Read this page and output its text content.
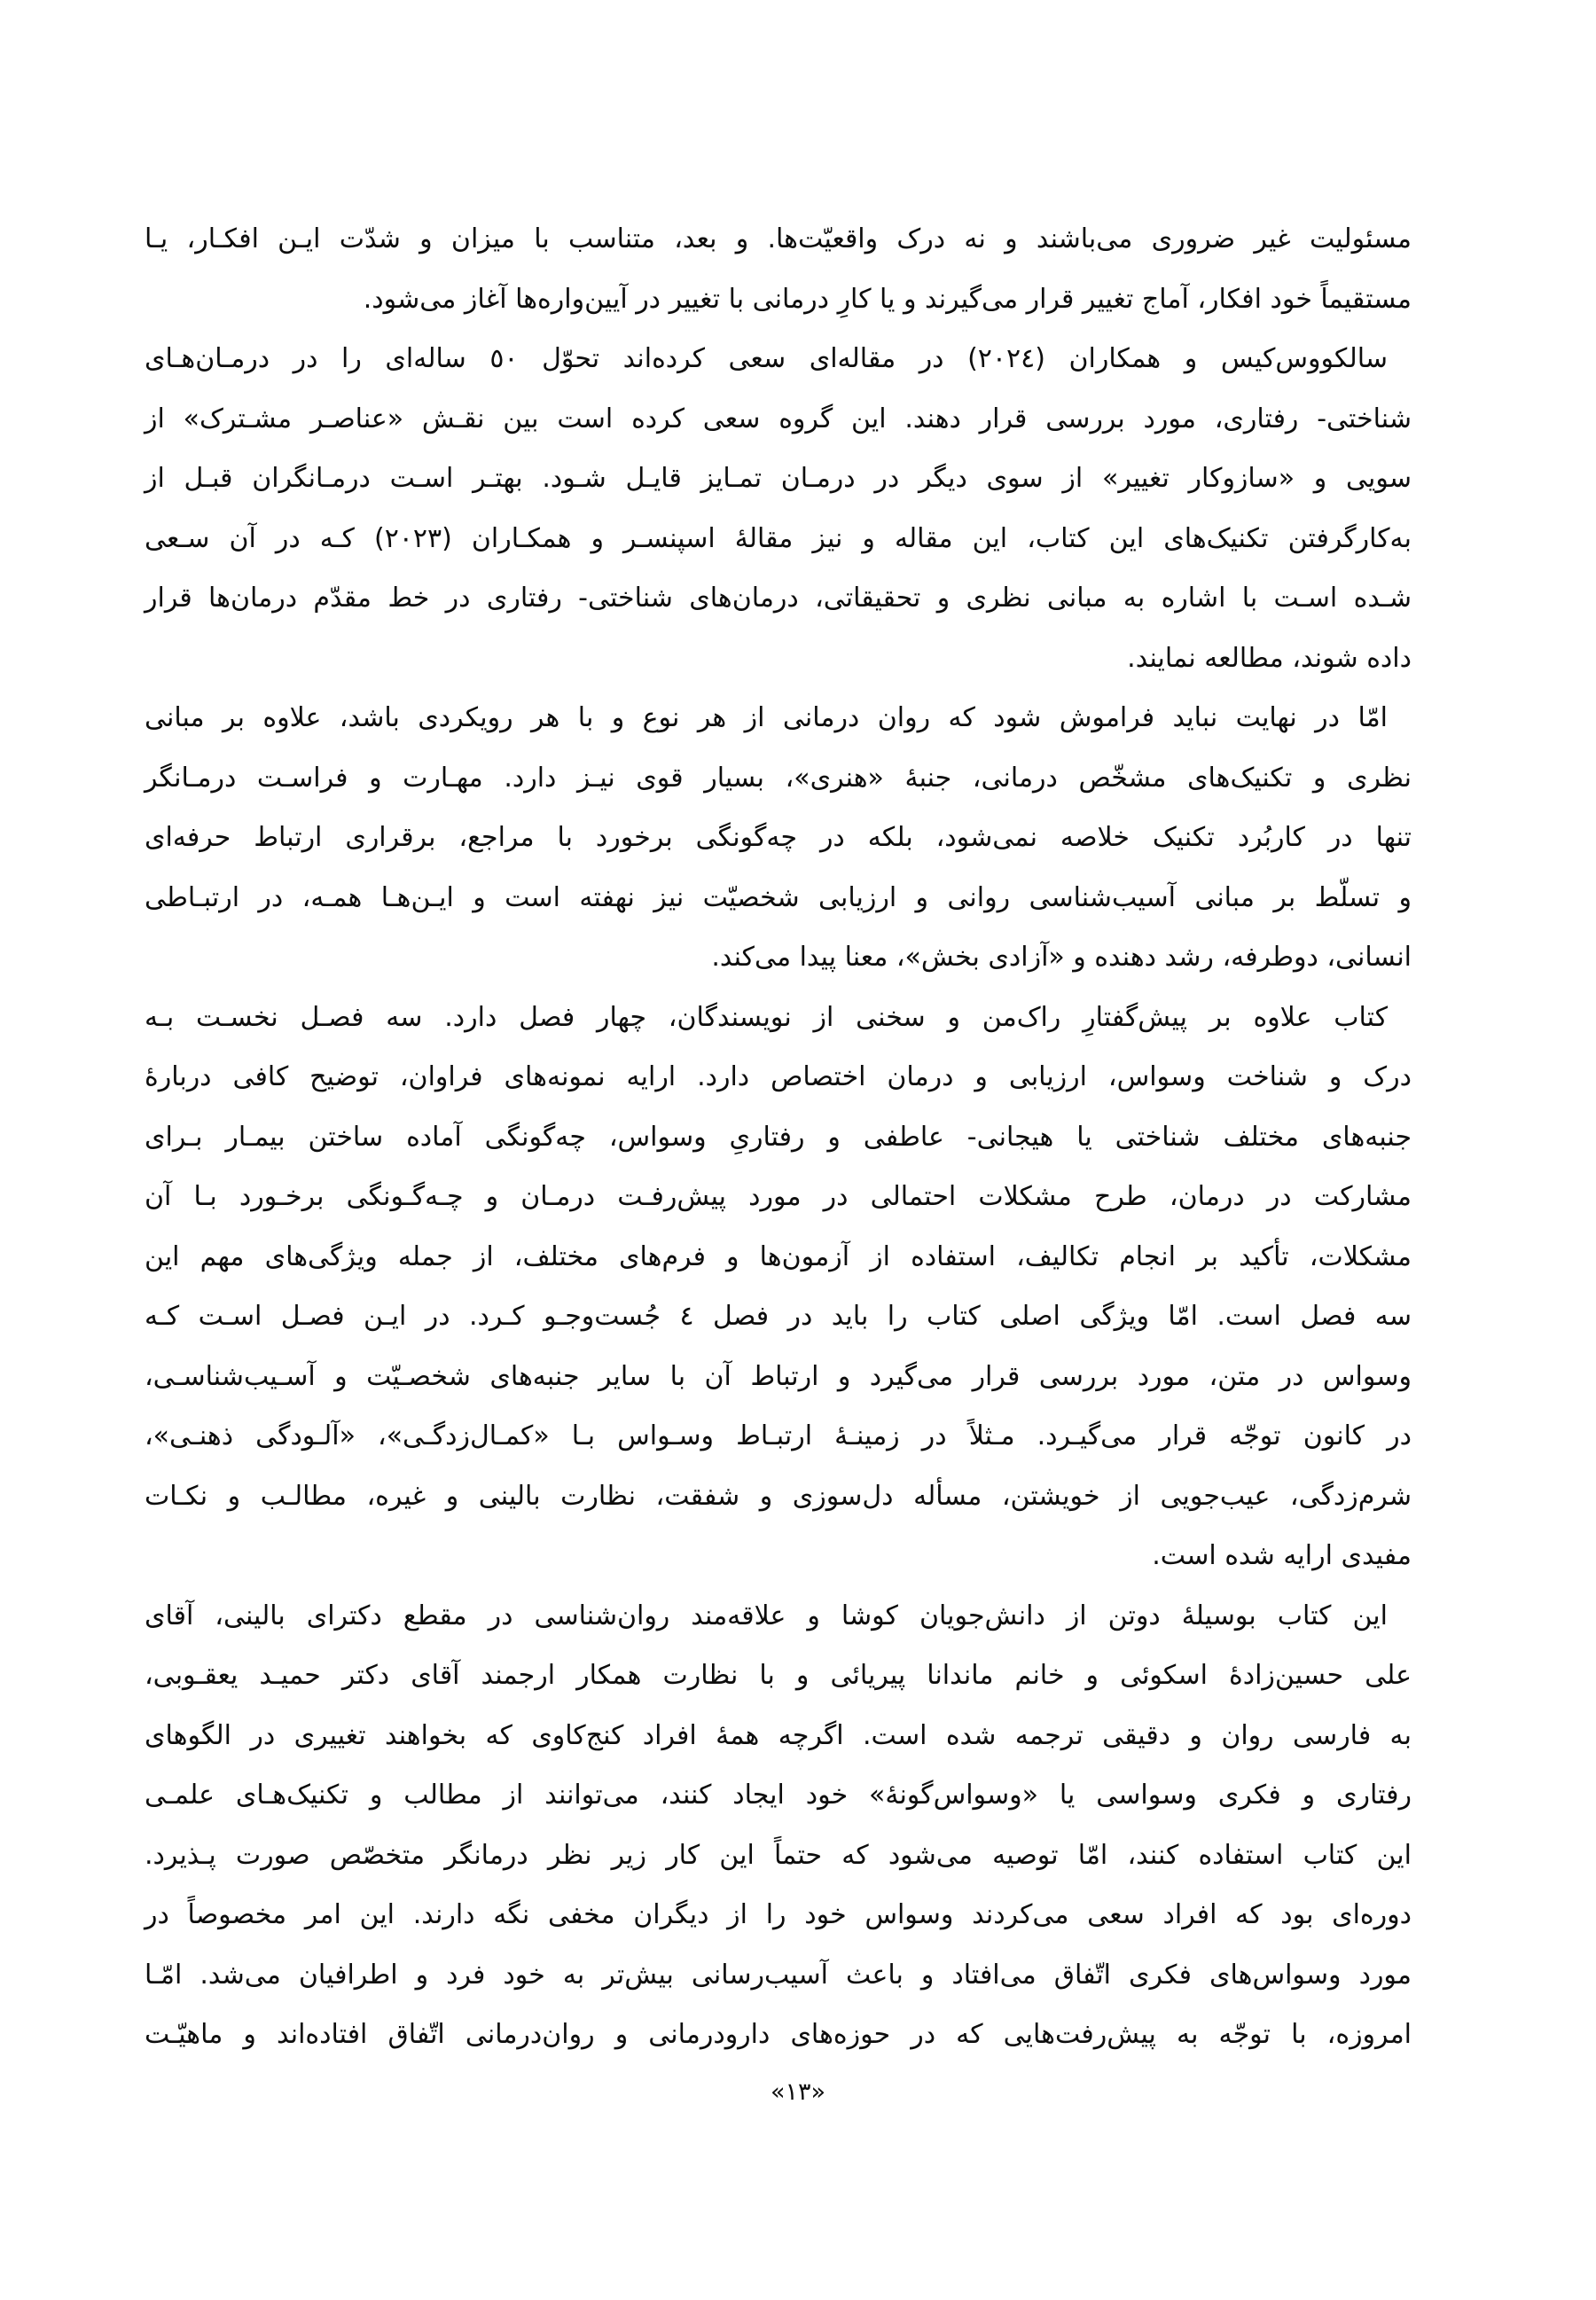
مسئولیت غیر ضروری می‌باشند و نه درک واقعیّت‌ها. و بعد، متناسب با میزان و شدّت ایـن افکـار، یـا
مستقیماً خود افکار، آماج تغییر قرار می‌گیرند و یا کارِ درمانی با تغییر در آیین‌واره‌ها آغاز می‌شود.
سالکووس‌کیس و همکاران (٢٠٢٤) در مقاله‌ای سعی کرده‌اند تحوّل ٥٠ ساله‌ای را در درمـان‌هـای
شناختی- رفتاری، مورد بررسی قرار دهند. این گروه سعی کرده است بین نقـش «عناصـر مشـترک» از
سویی و «سازوکار تغییر» از سوی دیگر در درمـان تمـایز قایـل شـود. بهتـر اسـت درمـانگران قبـل از
به‌کارگرفتن تکنیک‌های این کتاب، این مقاله و نیز مقالهٔ اسپنسـر و همکـاران (٢٠٢٣) کـه در آن سـعی
شـده اسـت با اشاره به مبانی نظری و تحقیقاتی، درمان‌های شناختی- رفتاری در خط مقدّم درمان‌ها قرار
داده شوند، مطالعه نمایند.
امّا در نهایت نباید فراموش شود که روان درمانی از هر نوع و با هر رویکردی باشد، علاوه بر مبانی
نظری و تکنیک‌های مشخّص درمانی، جنبهٔ «هنری»، بسیار قوی نیـز دارد. مهـارت و فراسـت درمـانگر
تنها در کاربُرد تکنیک خلاصه نمی‌شود، بلکه در چه‌گونگی برخورد با مراجع، برقراری ارتباط حرفه‌ای
و تسلّط بر مبانی آسیب‌شناسی روانی و ارزیابی شخصیّت نیز نهفته است و ایـن‌هـا همـه، در ارتبـاطی
انسانی، دوطرفه، رشد دهنده و «آزادی بخش»، معنا پیدا می‌کند.
کتاب علاوه بر پیش‌گفتارِ راک‌من و سخنی از نویسندگان، چهار فصل دارد. سه فصـل نخسـت بـه
درک و شناخت وسواس، ارزیابی و درمان اختصاص دارد. ارایه نمونه‌های فراوان، توضیح کافی دربارهٔ
جنبه‌های مختلف شناختی یا هیجانی- عاطفی و رفتاریِ وسواس، چه‌گونگی آماده ساختن بیمـار بـرای
مشارکت در درمان، طرح مشکلات احتمالی در مورد پیش‌رفـت درمـان و چـه‌گـونگی برخـورد بـا آن
مشکلات، تأکید بر انجام تکالیف، استفاده از آزمون‌ها و فرم‌های مختلف، از جمله ویژگی‌های مهم این
سه فصل است. امّا ویژگی اصلی کتاب را باید در فصل ٤ جُست‌وجـو کـرد. در ایـن فصـل اسـت کـه
وسواس در متن، مورد بررسی قرار می‌گیرد و ارتباط آن با سایر جنبه‌های شخصـیّت و آسـیب‌شناسـی،
در کانون توجّه قرار می‌گیـرد. مـثلاً در زمینـهٔ ارتبـاط وسـواس بـا «کمـال‌زدگـی»، «آلـودگی ذهنـی»،
شرم‌زدگی، عیب‌جویی از خویشتن، مسأله دل‌سوزی و شفقت، نظارت بالینی و غیره، مطالـب و نکـات
مفیدی ارایه شده است.
این کتاب بوسیلهٔ دوتن از دانش‌جویان کوشا و علاقه‌مند روان‌شناسی در مقطع دکترای بالینی، آقای
علی حسین‌زادهٔ اسکوئی و خانم ماندانا پیریائی و با نظارت همکار ارجمند آقای دکتر حمیـد یعقـوبی،
به فارسی روان و دقیقی ترجمه شده است. اگرچه همهٔ افراد کنج‌کاوی که بخواهند تغییری در الگوهای
رفتاری و فکری وسواسی یا «وسواس‌گونهٔ» خود ایجاد کنند، می‌توانند از مطالب و تکنیک‌هـای علمـی
این کتاب استفاده کنند، امّا توصیه می‌شود که حتماً این کار زیر نظر درمانگر متخصّص صورت پـذیرد.
دوره‌ای بود که افراد سعی می‌کردند وسواس خود را از دیگران مخفی نگه دارند. این امر مخصوصاً در
مورد وسواس‌های فکری اتّفاق می‌افتاد و باعث آسیب‌رسانی بیش‌تر به خود فرد و اطرافیان می‌شد. امّـا
امروزه، با توجّه به پیش‌رفت‌هایی که در حوزه‌های دارودرمانی و روان‌درمانی اتّفاق افتاده‌اند و ماهیّـت
«۱۳»
